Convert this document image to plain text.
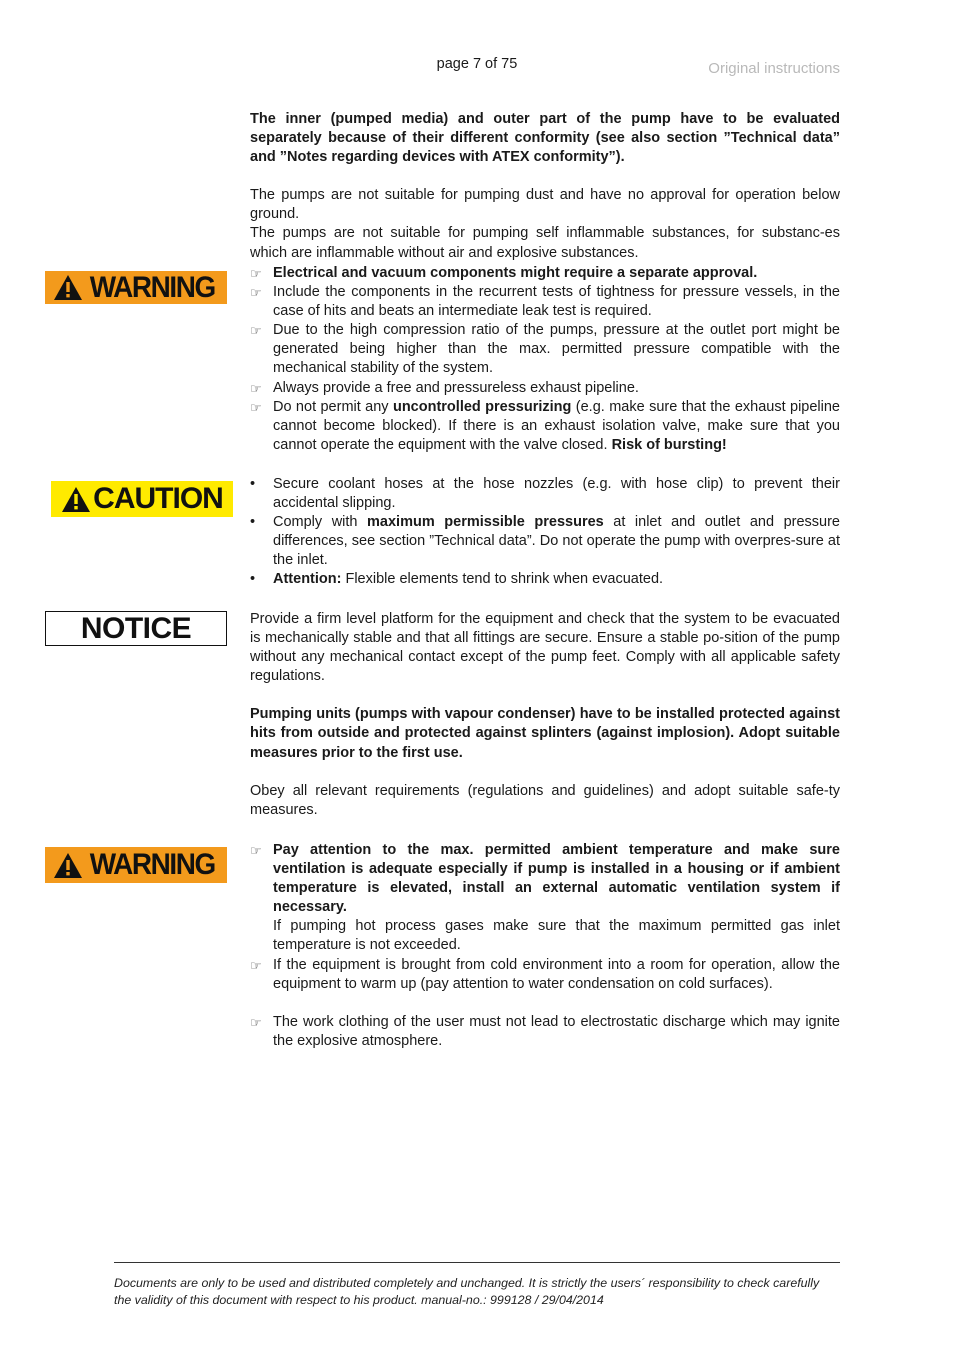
page 7 of 75	Original instructions
WARNING
CAUTION
NOTICE
WARNING

The inner (pumped media) and outer part of the pump have to be evaluated separately because of their different conformity (see also section ”Technical data” and ”Notes regarding devices with ATEX conformity”).

The pumps are not suitable for pumping dust and have no approval for operation below ground.

The pumps are not suitable for pumping self inflammable substances, for substanc-es which are inflammable without air and explosive substances.

☞ Electrical and vacuum components might require a separate approval.
☞ Include the components in the recurrent tests of tightness for pressure vessels, in the case of hits and beats an intermediate leak test is required.
☞ Due to the high compression ratio of the pumps, pressure at the outlet port might be generated being higher than the max. permitted pressure compatible with the mechanical stability of the system.
☞ Always provide a free and pressureless exhaust pipeline.
☞ Do not permit any uncontrolled pressurizing (e.g. make sure that the exhaust pipeline cannot become blocked). If there is an exhaust isolation valve, make sure that you cannot operate the equipment with the valve closed. Risk of bursting!
• Secure coolant hoses at the hose nozzles (e.g. with hose clip) to prevent their accidental slipping.
• Comply with maximum permissible pressures at inlet and outlet and pressure differences, see section ”Technical data”. Do not operate the pump with overpres-sure at the inlet.
• Attention: Flexible elements tend to shrink when evacuated.

Provide a firm level platform for the equipment and check that the system to be evacuated is mechanically stable and that all fittings are secure. Ensure a stable po-sition of the pump without any mechanical contact except of the pump feet. Comply with all applicable safety regulations.

Pumping units (pumps with vapour condenser) have to be installed protected against hits from outside and protected against splinters (against implosion). Adopt suitable measures prior to the first use.

Obey all relevant requirements (regulations and guidelines) and adopt suitable safe-ty measures.

☞ Pay attention to the max. permitted ambient temperature and make sure ventilation is adequate especially if pump is installed in a housing or if ambient temperature is elevated, install an external automatic ventilation system if necessary.
If pumping hot process gases make sure that the maximum permitted gas inlet temperature is not exceeded.
☞ If the equipment is brought from cold environment into a room for operation, allow the equipment to warm up (pay attention to water condensation on cold surfaces).
☞ The work clothing of the user must not lead to electrostatic discharge which may ignite the explosive atmosphere.
Documents are only to be used and distributed completely and unchanged. It is strictly the users´ responsibility to check carefully
the validity of this document with respect to his product. manual-no.: 999128 / 29/04/2014
